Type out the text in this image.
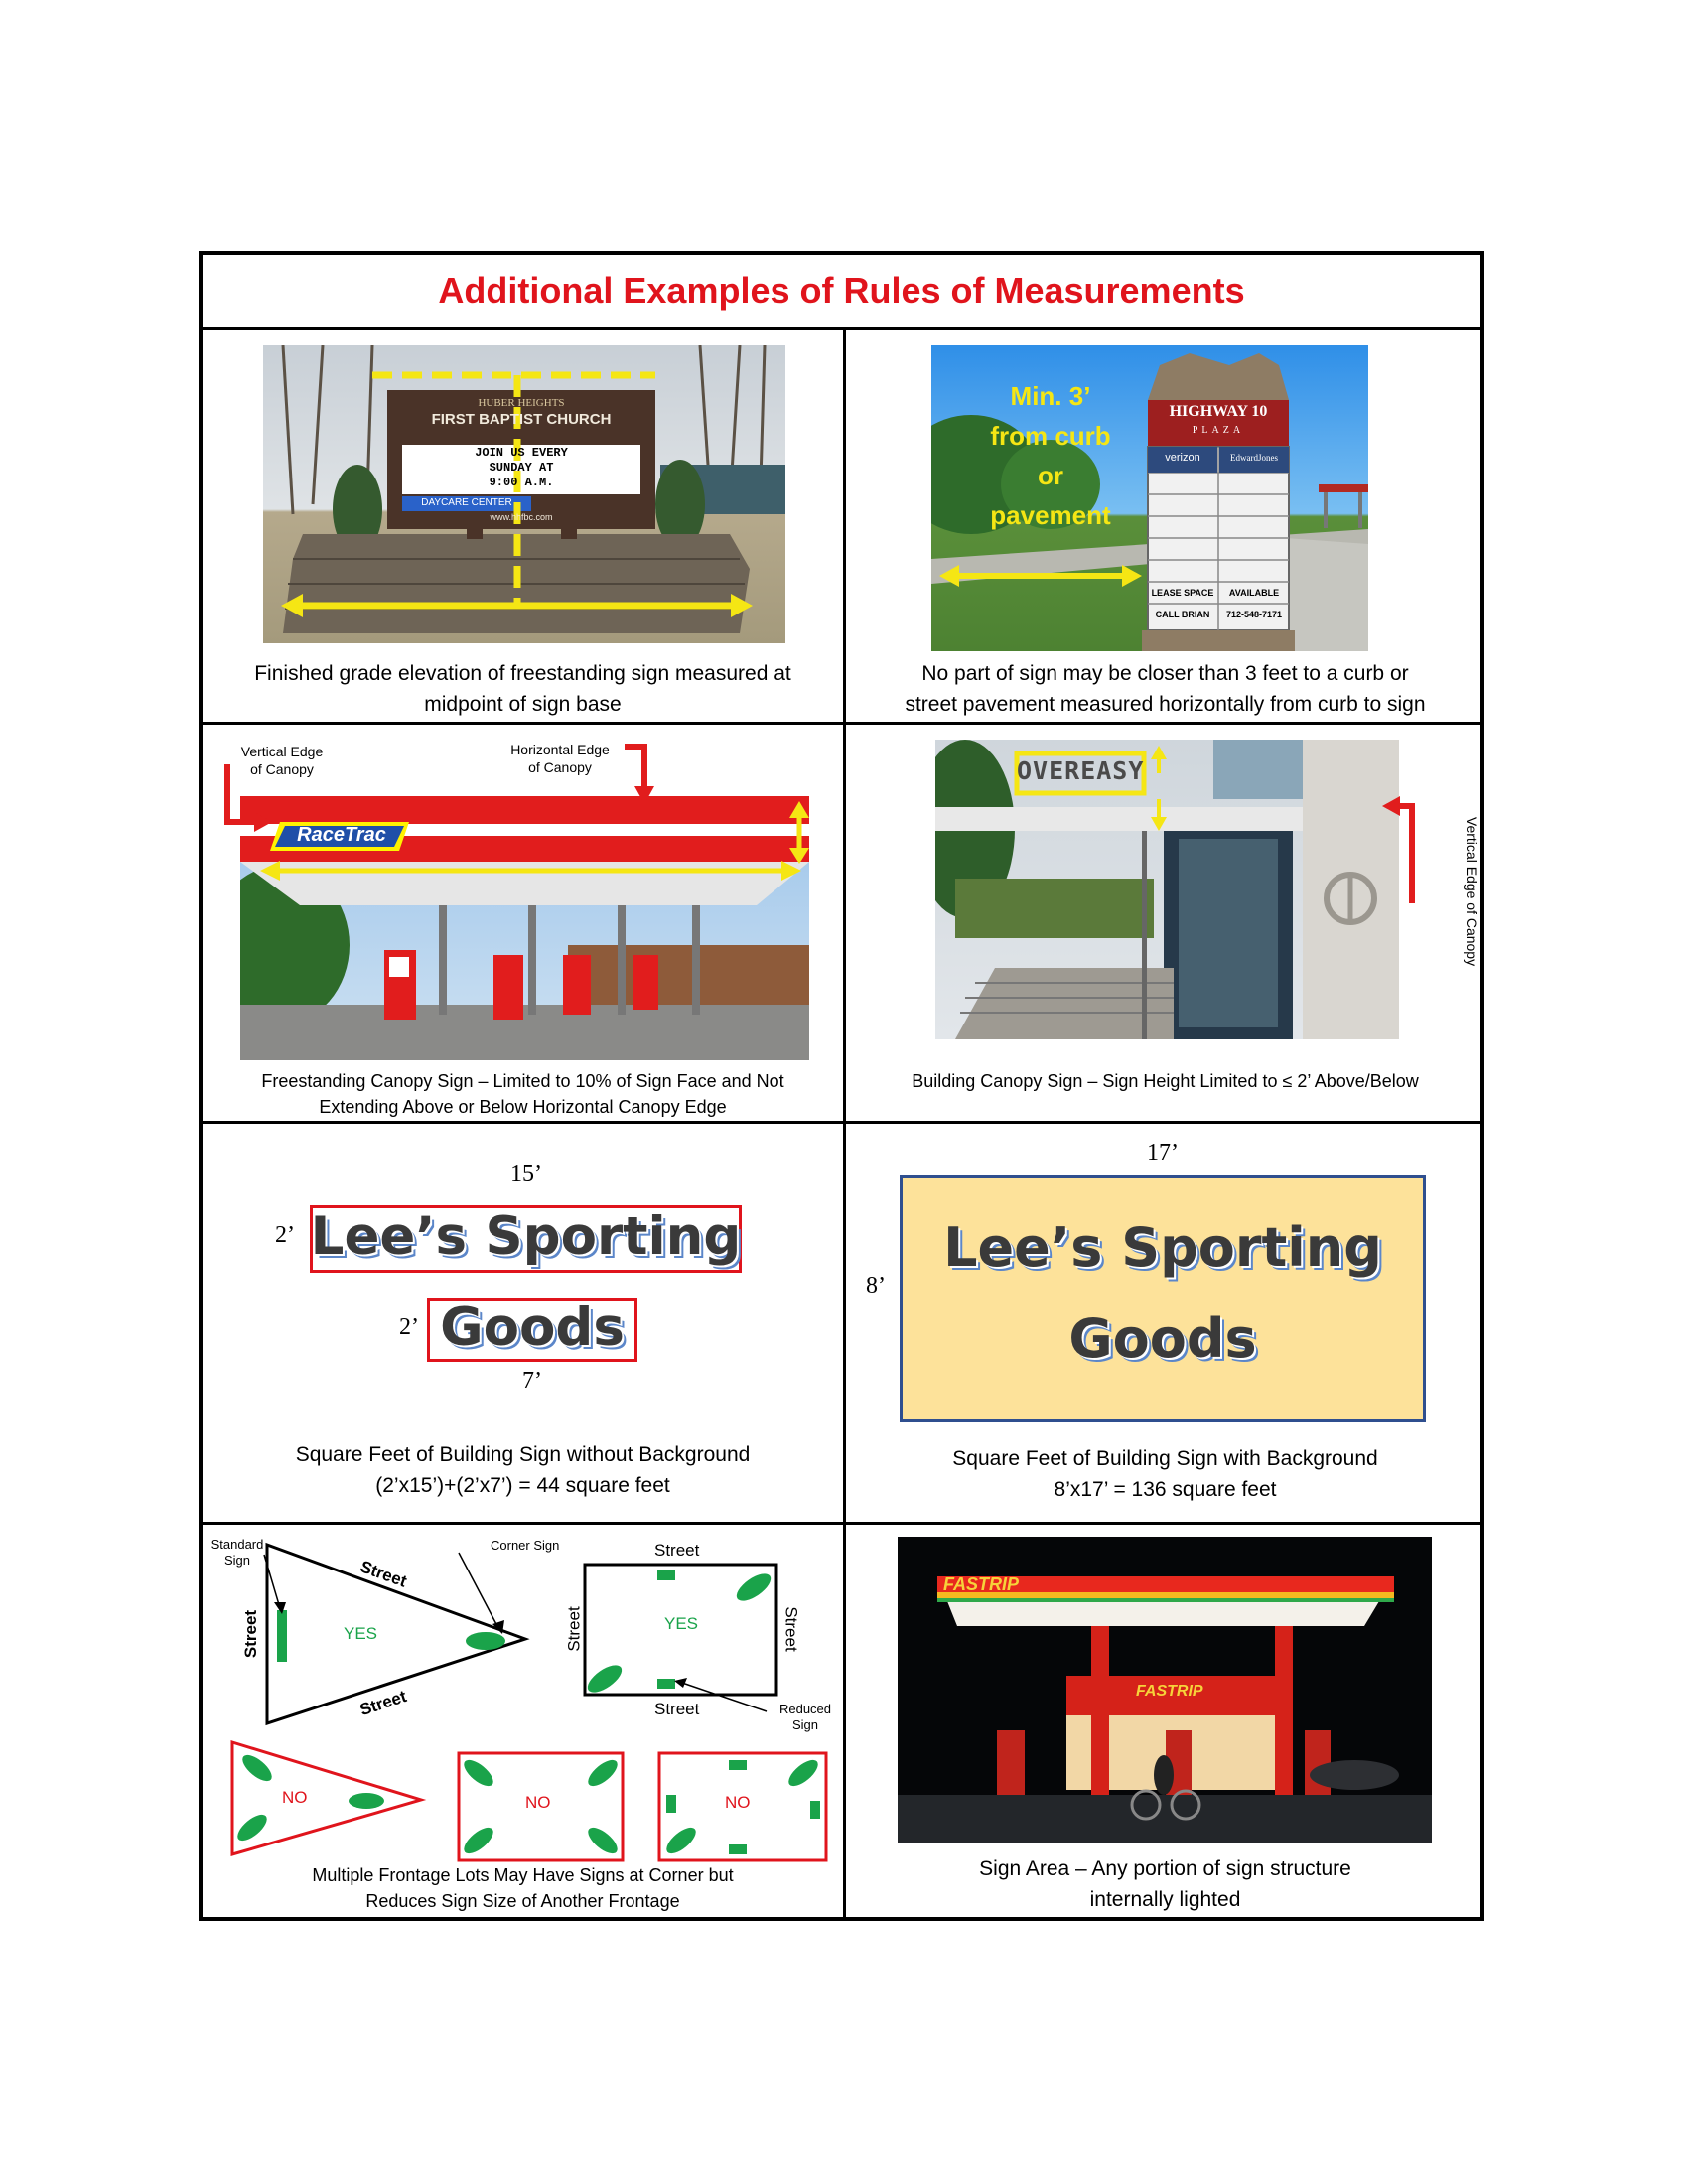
Additional Examples of Rules of Measurements
HUBER HEIGHTS
FIRST BAPTIST CHURCH
JOIN US EVERY
SUNDAY AT
9:00 A.M.
DAYCARE CENTER
www.hhfbc.com
Finished grade elevation of freestanding sign measured at
midpoint of sign base
Min. 3’
from curb
or
pavement
HIGHWAY 10
PLAZA
verizon	EdwardJones
LEASE SPACE	AVAILABLE
CALL BRIAN	712-548-7171
No part of sign may be closer than 3 feet to a curb or
street pavement measured horizontally from curb to sign
Vertical Edge
of Canopy
Horizontal Edge
of Canopy
RaceTrac
Freestanding Canopy Sign – Limited to 10% of Sign Face and Not
Extending Above or Below Horizontal Canopy Edge
OVEREASY
Vertical Edge of Canopy
Building Canopy Sign – Sign Height Limited to ≤ 2’ Above/Below
15’
2’ Lee’s Sporting
2’ Goods
7’
Square Feet of Building Sign without Background
(2’x15’)+(2’x7’) = 44 square feet
17’
8’
Lee’s Sporting
Goods
Square Feet of Building Sign with Background
8’x17’ = 136 square feet
Standard
Sign
Corner Sign
Street
Street
Street
YES
Street
Street	Street
Street
YES
Reduced
Sign
NO	NO	NO
Multiple Frontage Lots May Have Signs at Corner but
Reduces Sign Size of Another Frontage
FASTRIP
FASTRIP
Sign Area – Any portion of sign structure
internally lighted
